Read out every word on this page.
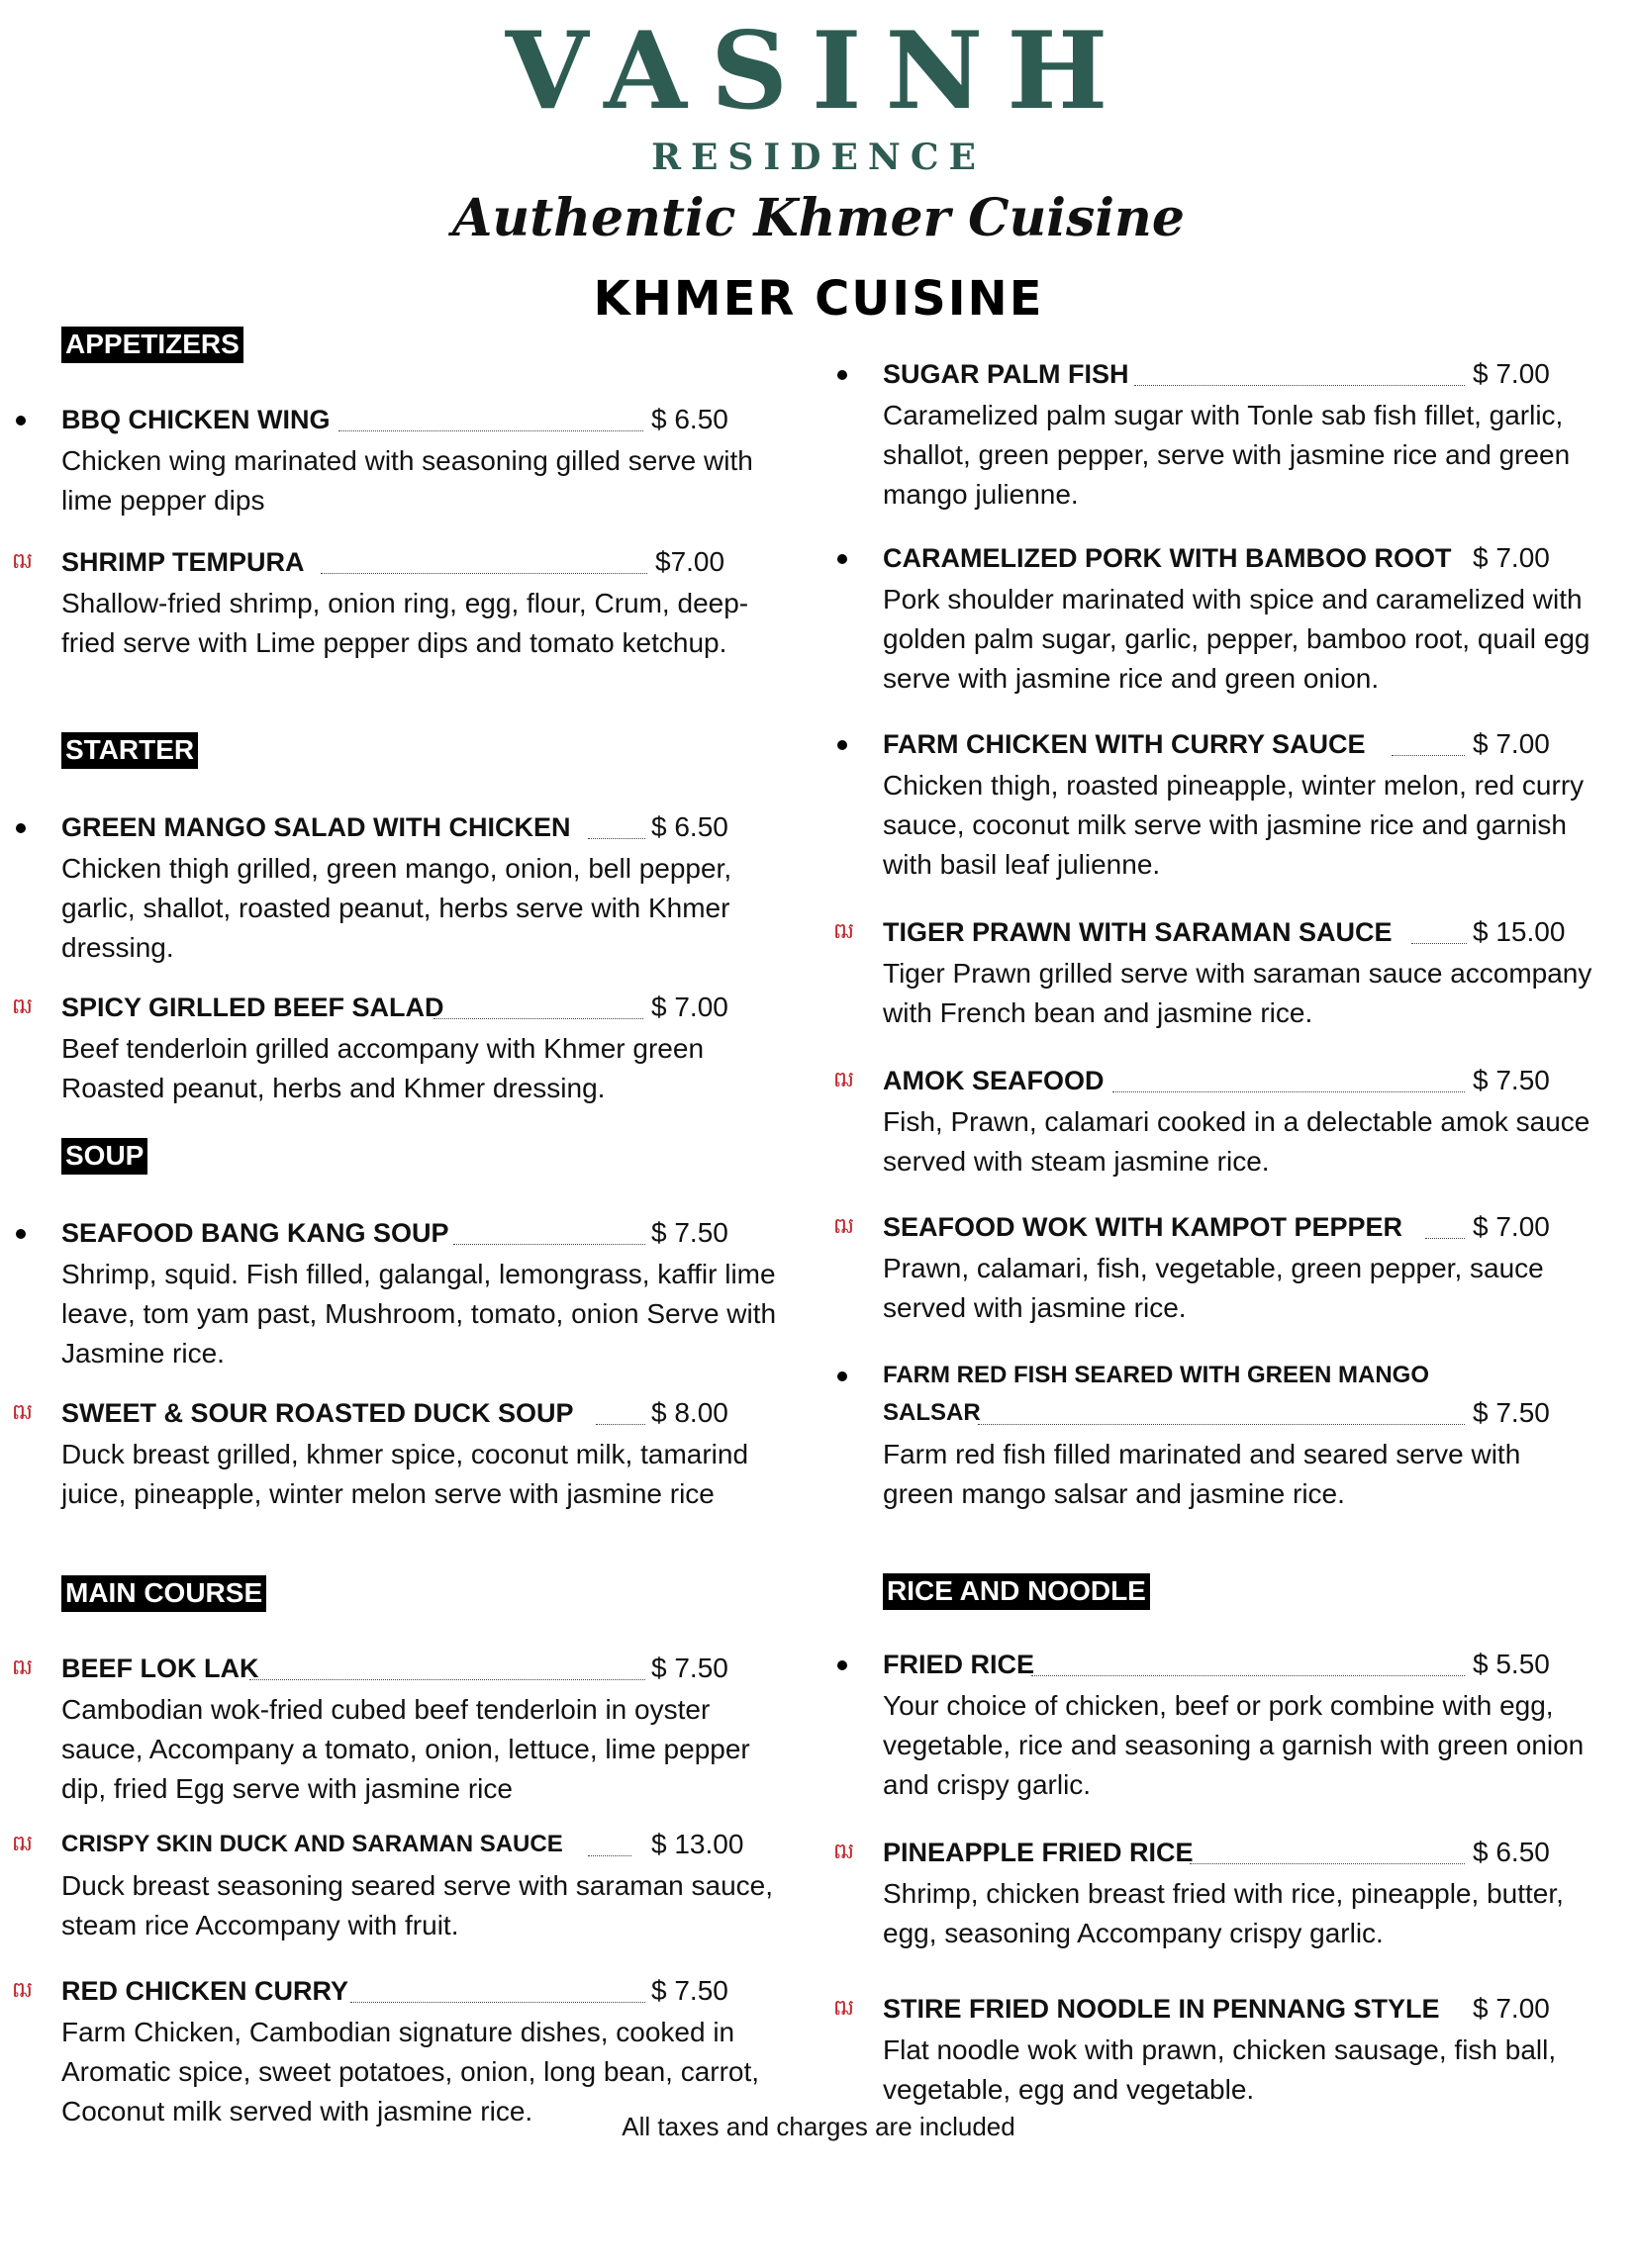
VASINH
RESIDENCE
Authentic Khmer Cuisine
KHMER CUISINE
APPETIZERS
BBQ CHICKEN WING	$ 6.50
Chicken wing marinated with seasoning gilled serve with lime pepper dips
ឍ SHRIMP TEMPURA	$7.00
Shallow-fried shrimp, onion ring, egg, flour, Crum, deep-fried serve with Lime pepper dips and tomato ketchup.
STARTER
GREEN MANGO SALAD WITH CHICKEN	$ 6.50
Chicken thigh grilled, green mango, onion, bell pepper, garlic, shallot, roasted peanut, herbs serve with Khmer dressing.
ឍ SPICY GIRLLED BEEF SALAD	$ 7.00
Beef tenderloin grilled accompany with Khmer green Roasted peanut, herbs and Khmer dressing.
SOUP
SEAFOOD BANG KANG SOUP	$ 7.50
Shrimp, squid. Fish filled, galangal, lemongrass, kaffir lime leave, tom yam past, Mushroom, tomato, onion Serve with Jasmine rice.
ឍ SWEET & SOUR ROASTED DUCK SOUP	$ 8.00
Duck breast grilled, khmer spice, coconut milk, tamarind juice, pineapple, winter melon serve with jasmine rice
MAIN COURSE
ឍ BEEF LOK LAK	$ 7.50
Cambodian wok-fried cubed beef tenderloin in oyster sauce, Accompany a tomato, onion, lettuce, lime pepper dip, fried Egg serve with jasmine rice
ឍ CRISPY SKIN DUCK AND SARAMAN SAUCE	$ 13.00
Duck breast seasoning seared serve with saraman sauce, steam rice Accompany with fruit.
ឍ RED CHICKEN CURRY	$ 7.50
Farm Chicken, Cambodian signature dishes, cooked in Aromatic spice, sweet potatoes, onion, long bean, carrot, Coconut milk served with jasmine rice.
SUGAR PALM FISH	$ 7.00
Caramelized palm sugar with Tonle sab fish fillet, garlic, shallot, green pepper, serve with jasmine rice and green mango julienne.
CARAMELIZED PORK WITH BAMBOO ROOT $ 7.00
Pork shoulder marinated with spice and caramelized with golden palm sugar, garlic, pepper, bamboo root, quail egg serve with jasmine rice and green onion.
FARM CHICKEN WITH CURRY SAUCE	$ 7.00
Chicken thigh, roasted pineapple, winter melon, red curry sauce, coconut milk serve with jasmine rice and garnish with basil leaf julienne.
ឍ TIGER PRAWN WITH SARAMAN SAUCE	$ 15.00
Tiger Prawn grilled serve with saraman sauce accompany with French bean and jasmine rice.
ឍ AMOK SEAFOOD	$ 7.50
Fish, Prawn, calamari cooked in a delectable amok sauce served with steam jasmine rice.
ឍ SEAFOOD WOK WITH KAMPOT PEPPER	$ 7.00
Prawn, calamari, fish, vegetable, green pepper, sauce served with jasmine rice.
FARM RED FISH SEARED WITH GREEN MANGO
SALSAR	$ 7.50
Farm red fish filled marinated and seared serve with green mango salsar and jasmine rice.
RICE AND NOODLE
FRIED RICE	$ 5.50
Your choice of chicken, beef or pork combine with egg, vegetable, rice and seasoning a garnish with green onion and crispy garlic.
ឍ PINEAPPLE FRIED RICE	$ 6.50
Shrimp, chicken breast fried with rice, pineapple, butter, egg, seasoning Accompany crispy garlic.
ឍ STIRE FRIED NOODLE IN PENNANG STYLE $ 7.00
Flat noodle wok with prawn, chicken sausage, fish ball, vegetable, egg and vegetable.
All taxes and charges are included
